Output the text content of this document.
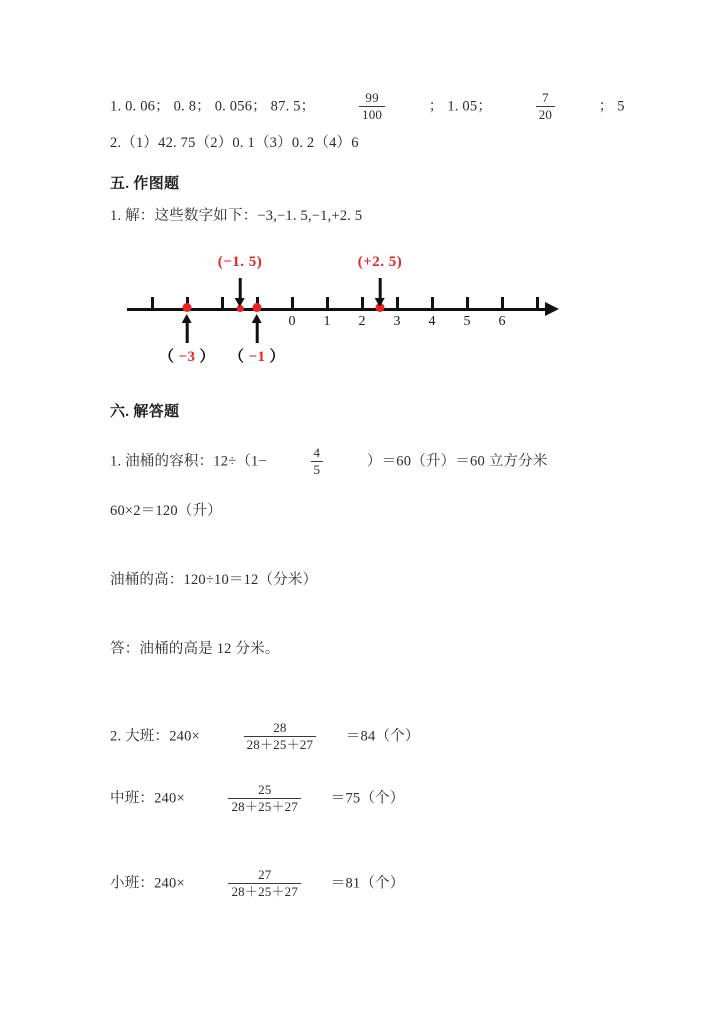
1. 0. 06； 0. 8； 0. 056； 87. 5；	$\frac{99}{100}$	； 1. 05；	$\frac{7}{20}$	； 5
2.（1）42. 75（2）0. 1（3）0. 2（4）6
五. 作图题
1. 解：这些数字如下：−3,−1. 5,−1,+2. 5
0 1 2 3 4 5 6
(−1. 5)	(+2. 5)
（ −3 ） （ −1 ）
六. 解答题
1. 油桶的容积：12÷（1−	$\frac{4}{5}$	）＝60（升）＝60 立方分米
60×2＝120（升）
油桶的高：120÷10＝12（分米）
答：油桶的高是 12 分米。
2. 大班：240×	$\frac{28}{28+25+27} =84$（个）
中班：240×	$\frac{25}{28+25+27} =75$（个）
小班：240×	$\frac{27}{28+25+27} =81$（个）
